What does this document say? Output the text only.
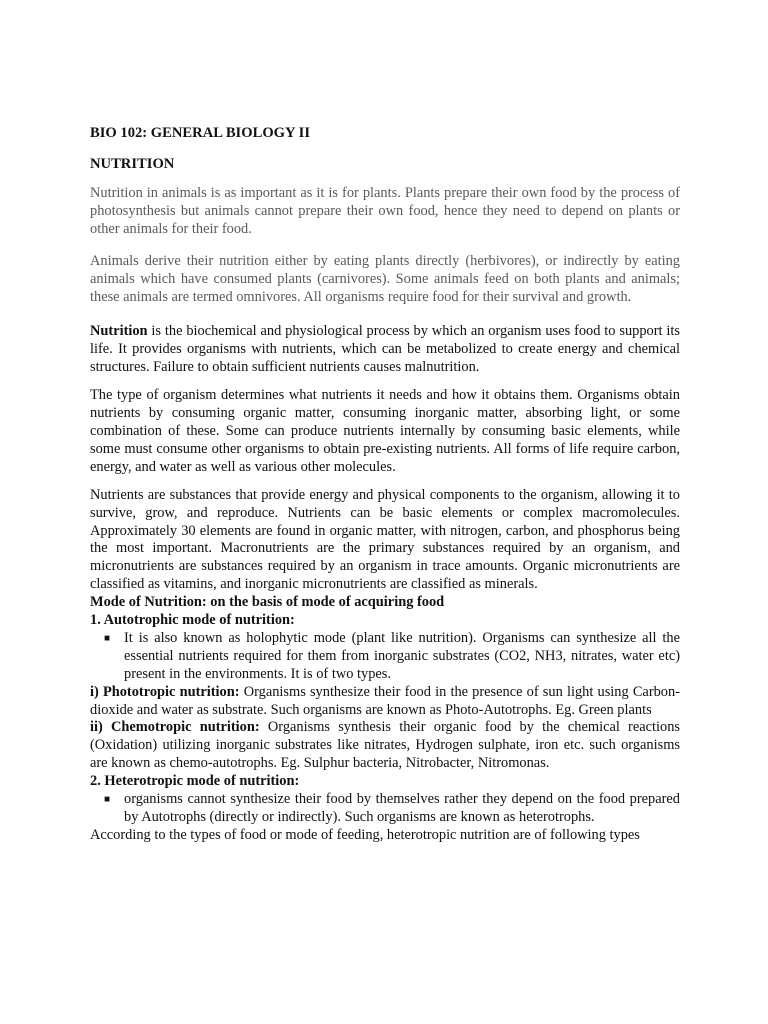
BIO 102: GENERAL BIOLOGY II
NUTRITION

Nutrition in animals is as important as it is for plants. Plants prepare their own food by the process of photosynthesis but animals cannot prepare their own food, hence they need to depend on plants or other animals for their food.

Animals derive their nutrition either by eating plants directly (herbivores), or indirectly by eating animals which have consumed plants (carnivores). Some animals feed on both plants and animals; these animals are termed omnivores. All organisms require food for their survival and growth.

Nutrition is the biochemical and physiological process by which an organism uses food to support its life. It provides organisms with nutrients, which can be metabolized to create energy and chemical structures. Failure to obtain sufficient nutrients causes malnutrition.

The type of organism determines what nutrients it needs and how it obtains them. Organisms obtain nutrients by consuming organic matter, consuming inorganic matter, absorbing light, or some combination of these. Some can produce nutrients internally by consuming basic elements, while some must consume other organisms to obtain pre-existing nutrients. All forms of life require carbon, energy, and water as well as various other molecules.

Nutrients are substances that provide energy and physical components to the organism, allowing it to survive, grow, and reproduce. Nutrients can be basic elements or complex macromolecules. Approximately 30 elements are found in organic matter, with nitrogen, carbon, and phosphorus being the most important. Macronutrients are the primary substances required by an organism, and micronutrients are substances required by an organism in trace amounts. Organic micronutrients are classified as vitamins, and inorganic micronutrients are classified as minerals.

Mode of Nutrition: on the basis of mode of acquiring food
1. Autotrophic mode of nutrition:
■ It is also known as holophytic mode (plant like nutrition). Organisms can synthesize all the essential nutrients required for them from inorganic substrates (CO2, NH3, nitrates, water etc) present in the environments. It is of two types.

i) Phototropic nutrition: Organisms synthesize their food in the presence of sun light using Carbon-dioxide and water as substrate. Such organisms are known as Photo-Autotrophs. Eg. Green plants

ii) Chemotropic nutrition: Organisms synthesis their organic food by the chemical reactions (Oxidation) utilizing inorganic substrates like nitrates, Hydrogen sulphate, iron etc. such organisms are known as chemo-autotrophs. Eg. Sulphur bacteria, Nitrobacter, Nitromonas.

2. Heterotropic mode of nutrition:
■ organisms cannot synthesize their food by themselves rather they depend on the food prepared by Autotrophs (directly or indirectly). Such organisms are known as heterotrophs.

According to the types of food or mode of feeding, heterotropic nutrition are of following types
